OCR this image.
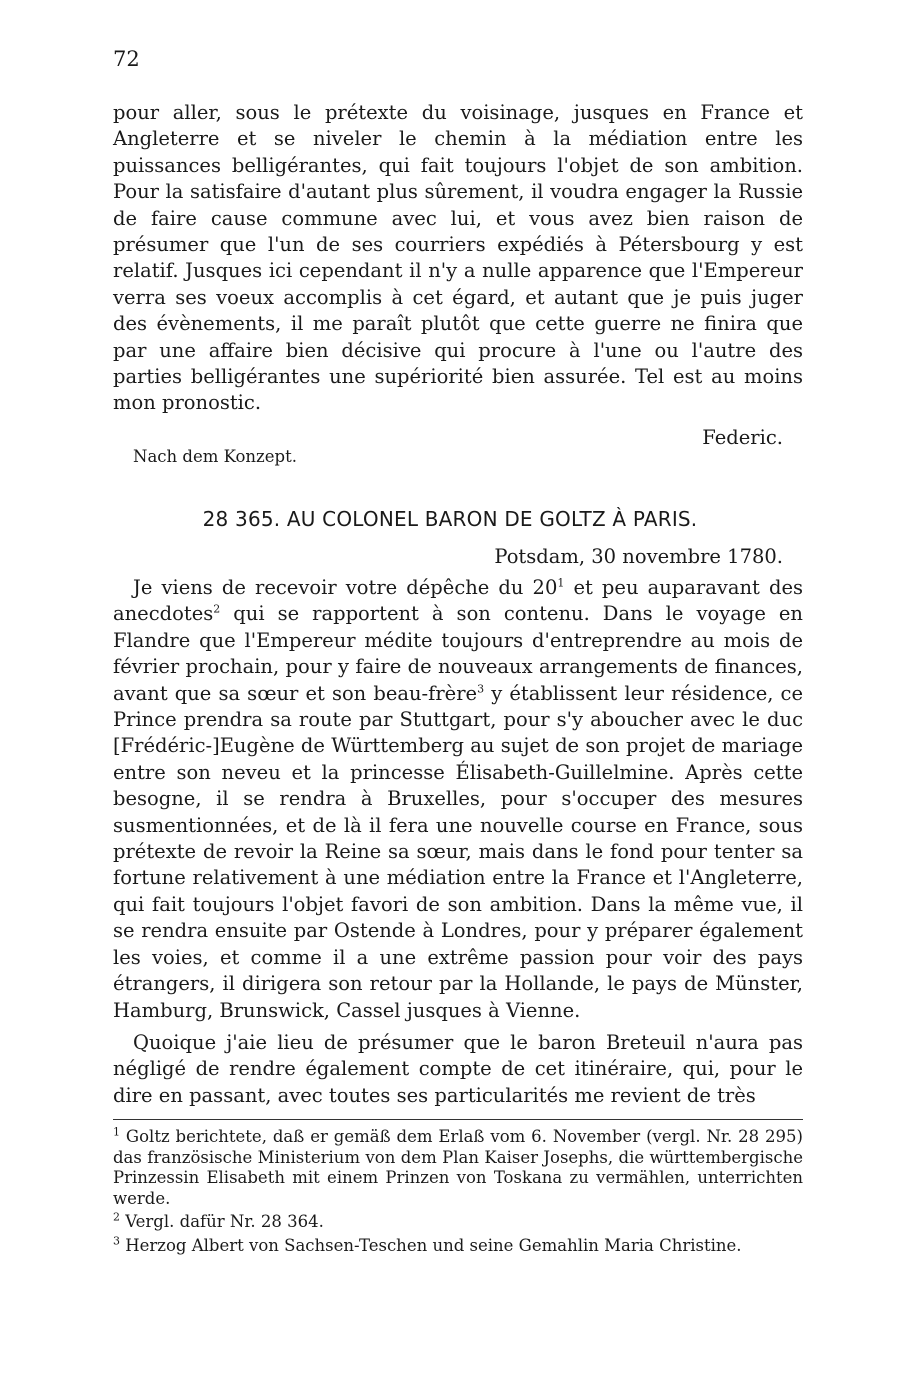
72

pour aller, sous le prétexte du voisinage, jusques en France et Angleterre et se niveler le chemin à la médiation entre les puissances belligérantes, qui fait toujours l'objet de son ambition. Pour la satisfaire d'autant plus sûrement, il voudra engager la Russie de faire cause commune avec lui, et vous avez bien raison de présumer que l'un de ses courriers expédiés à Pétersbourg y est relatif. Jusques ici cependant il n'y a nulle apparence que l'Empereur verra ses voeux accomplis à cet égard, et autant que je puis juger des évènements, il me paraît plutôt que cette guerre ne finira que par une affaire bien décisive qui procure à l'une ou l'autre des parties belligérantes une supériorité bien assurée. Tel est au moins mon pronostic.

Federic.
Nach dem Konzept.
28 365. AU COLONEL BARON DE GOLTZ À PARIS.
Potsdam, 30 novembre 1780.

Je viens de recevoir votre dépêche du $20^1$ et peu auparavant des anecdotes$^2$ qui se rapportent à son contenu. Dans le voyage en Flandre que l'Empereur médite toujours d'entreprendre au mois de février prochain, pour y faire de nouveaux arrangements de finances, avant que sa sœur et son beau-frère$^3$ y établissent leur résidence, ce Prince prendra sa route par Stuttgart, pour s'y aboucher avec le duc [Frédéric-]Eugène de Württemberg au sujet de son projet de mariage entre son neveu et la princesse Élisabeth-Guillelmine. Après cette besogne, il se rendra à Bruxelles, pour s'occuper des mesures susmentionnées, et de là il fera une nouvelle course en France, sous prétexte de revoir la Reine sa sœur, mais dans le fond pour tenter sa fortune relativement à une médiation entre la France et l'Angleterre, qui fait toujours l'objet favori de son ambition. Dans la même vue, il se rendra ensuite par Ostende à Londres, pour y préparer également les voies, et comme il a une extrême passion pour voir des pays étrangers, il dirigera son retour par la Hollande, le pays de Münster, Hamburg, Brunswick, Cassel jusques à Vienne.

Quoique j'aie lieu de présumer que le baron Breteuil n'aura pas négligé de rendre également compte de cet itinéraire, qui, pour le dire en passant, avec toutes ses particularités me revient de très

$^1$ Goltz berichtete, daß er gemäß dem Erlaß vom 6. November (vergl. Nr. 28 295) das französische Ministerium von dem Plan Kaiser Josephs, die württembergische Prinzessin Elisabeth mit einem Prinzen von Toskana zu vermählen, unterrichten werde.

$^2$ Vergl. dafür Nr. 28 364.

$^3$ Herzog Albert von Sachsen-Teschen und seine Gemahlin Maria Christine.
